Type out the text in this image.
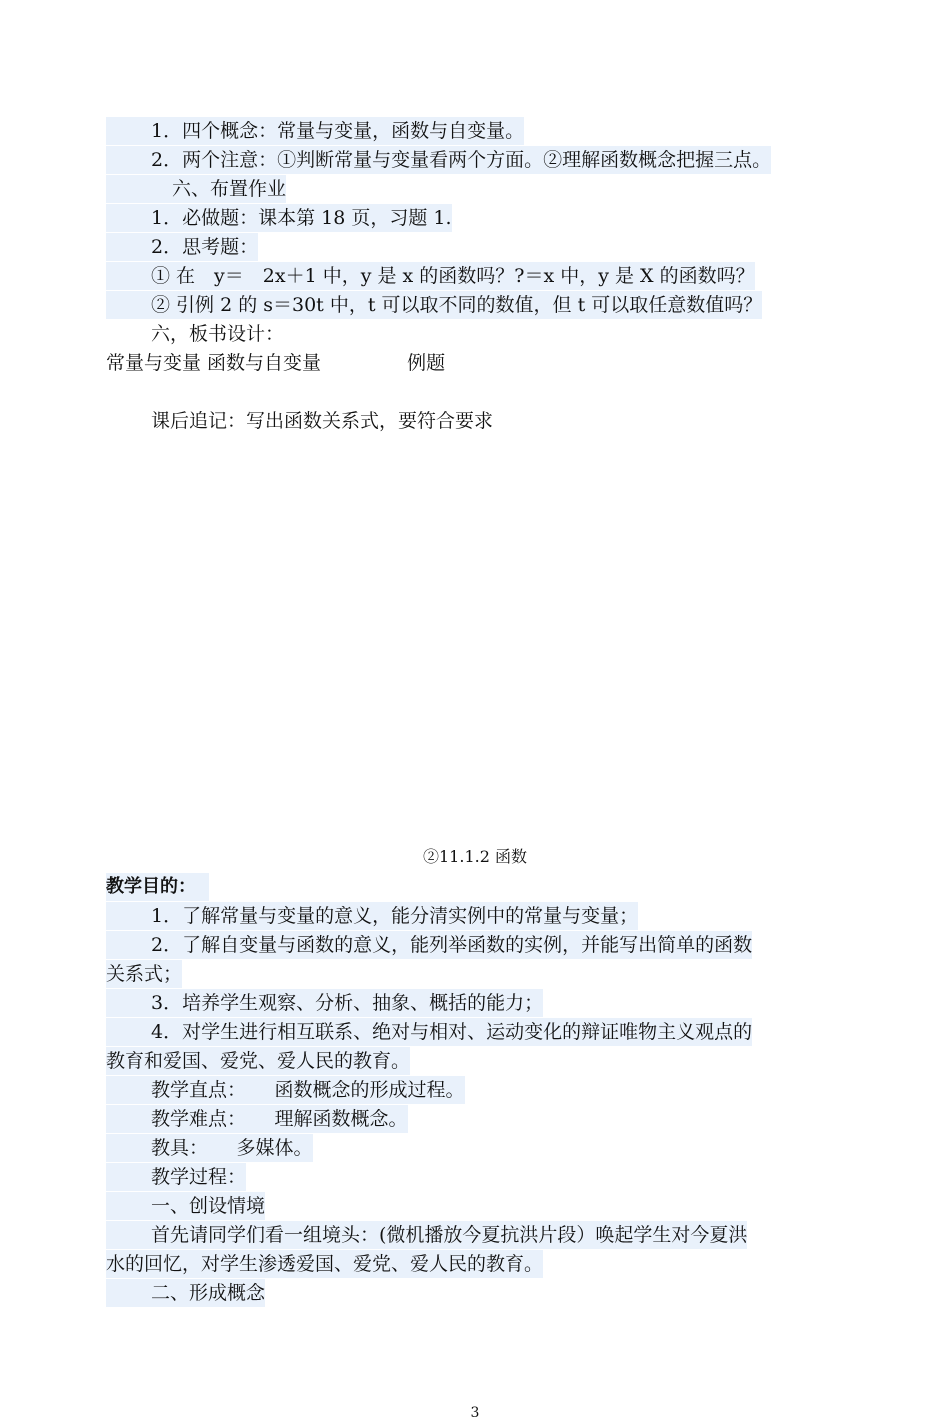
1．四个概念：常量与变量，函数与自变量。
2．两个注意：①判断常量与变量看两个方面。②理解函数概念把握三点。
六、布置作业
1．必做题：课本第 18 页，习题 1.
2．思考题：
① 在　y＝　2x＋1 中，y 是 x 的函数吗？?＝x 中，y 是 X 的函数吗？
② 引例 2 的 s＝30t 中，t 可以取不同的数值，但 t 可以取任意数值吗？
六，板书设计：
常量与变量 函数与自变量	例题
课后追记：写出函数关系式，要符合要求
②11.1.2 函数
教学目的：
1．了解常量与变量的意义，能分清实例中的常量与变量；
2．了解自变量与函数的意义，能列举函数的实例，并能写出简单的函数
关系式；
3．培养学生观察、分析、抽象、概括的能力；
4．对学生进行相互联系、绝对与相对、运动变化的辩证唯物主义观点的
教育和爱国、爱党、爱人民的教育。
教学直点：　　函数概念的形成过程。
教学难点：　　理解函数概念。
教具：　　多媒体。
教学过程：
一、创设情境
首先请同学们看一组境头：(微机播放今夏抗洪片段）唤起学生对今夏洪
水的回忆，对学生渗透爱国、爱党、爱人民的教育。
二、形成概念
3
